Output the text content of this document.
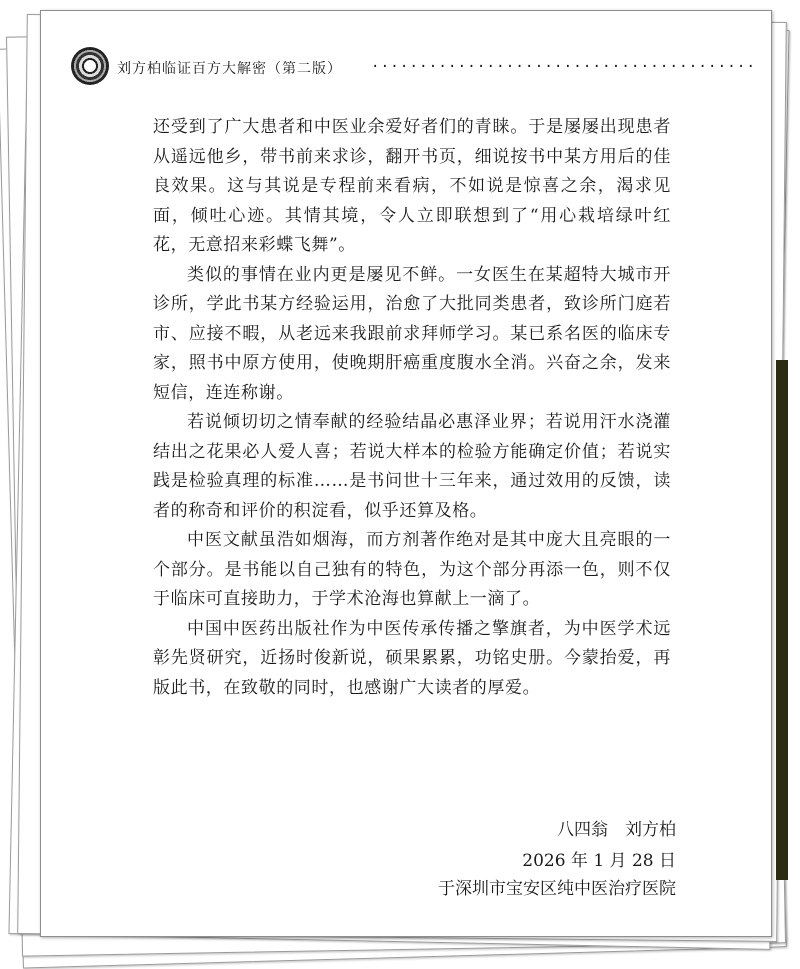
刘方柏临证百方大解密（第二版） ........................................

还受到了广大患者和中医业余爱好者们的青睐。于是屡屡出现患者从遥远他乡，带书前来求诊，翻开书页，细说按书中某方用后的佳良效果。这与其说是专程前来看病，不如说是惊喜之余，渴求见面，倾吐心迹。其情其境，令人立即联想到了“用心栽培绿叶红花，无意招来彩蝶飞舞”。

类似的事情在业内更是屡见不鲜。一女医生在某超特大城市开诊所，学此书某方经验运用，治愈了大批同类患者，致诊所门庭若市、应接不暇，从老远来我跟前求拜师学习。某已系名医的临床专家，照书中原方使用，使晚期肝癌重度腹水全消。兴奋之余，发来短信，连连称谢。

若说倾切切之情奉献的经验结晶必惠泽业界；若说用汗水浇灌结出之花果必人爱人喜；若说大样本的检验方能确定价值；若说实践是检验真理的标准……是书问世十三年来，通过效用的反馈，读者的称奇和评价的积淀看，似乎还算及格。

中医文献虽浩如烟海，而方剂著作绝对是其中庞大且亮眼的一个部分。是书能以自己独有的特色，为这个部分再添一色，则不仅于临床可直接助力，于学术沧海也算献上一滴了。

中国中医药出版社作为中医传承传播之擎旗者，为中医学术远彰先贤研究，近扬时俊新说，硕果累累，功铭史册。今蒙抬爱，再版此书，在致敬的同时，也感谢广大读者的厚爱。

八四翁　刘方柏
2026 年 1 月 28 日
于深圳市宝安区纯中医治疗医院
